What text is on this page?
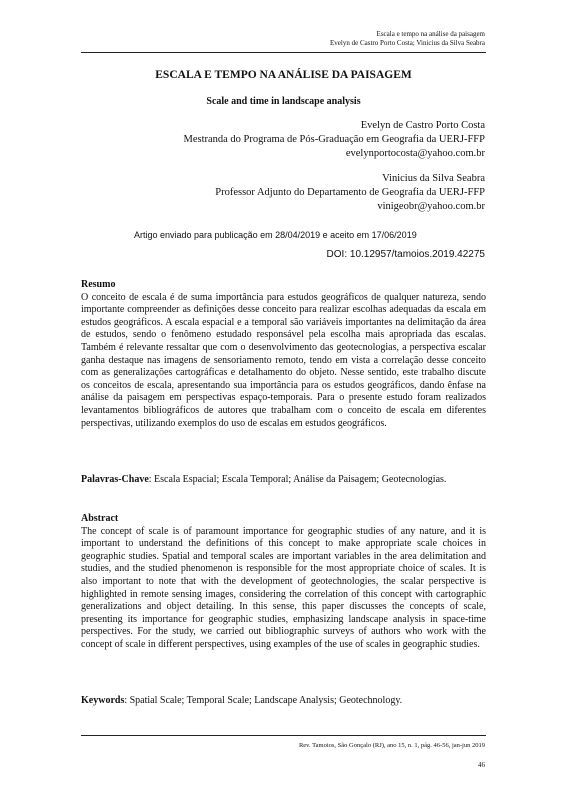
Escala e tempo na análise da paisagem
Evelyn de Castro Porto Costa; Vinicius da Silva Seabra
ESCALA E TEMPO NA ANÁLISE DA PAISAGEM
Scale and time in landscape analysis
Evelyn de Castro Porto Costa
Mestranda do Programa de Pós-Graduação em Geografia da UERJ-FFP
evelynportocosta@yahoo.com.br
Vinicius da Silva Seabra
Professor Adjunto do Departamento de Geografia da UERJ-FFP
vinigeobr@yahoo.com.br
Artigo enviado para publicação em 28/04/2019 e aceito em 17/06/2019
DOI: 10.12957/tamoios.2019.42275
Resumo
O conceito de escala é de suma importância para estudos geográficos de qualquer natureza, sendo importante compreender as definições desse conceito para realizar escolhas adequadas da escala em estudos geográficos. A escala espacial e a temporal são variáveis importantes na delimitação da área de estudos, sendo o fenômeno estudado responsável pela escolha mais apropriada das escalas. Também é relevante ressaltar que com o desenvolvimento das geotecnologias, a perspectiva escalar ganha destaque nas imagens de sensoriamento remoto, tendo em vista a correlação desse conceito com as generalizações cartográficas e detalhamento do objeto. Nesse sentido, este trabalho discute os conceitos de escala, apresentando sua importância para os estudos geográficos, dando ênfase na análise da paisagem em perspectivas espaço-temporais. Para o presente estudo foram realizados levantamentos bibliográficos de autores que trabalham com o conceito de escala em diferentes perspectivas, utilizando exemplos do uso de escalas em estudos geográficos.
Palavras-Chave: Escala Espacial; Escala Temporal; Análise da Paisagem; Geotecnologias.
Abstract
The concept of scale is of paramount importance for geographic studies of any nature, and it is important to understand the definitions of this concept to make appropriate scale choices in geographic studies. Spatial and temporal scales are important variables in the area delimitation and studies, and the studied phenomenon is responsible for the most appropriate choice of scales. It is also important to note that with the development of geotechnologies, the scalar perspective is highlighted in remote sensing images, considering the correlation of this concept with cartographic generalizations and object detailing. In this sense, this paper discusses the concepts of scale, presenting its importance for geographic studies, emphasizing landscape analysis in space-time perspectives. For the study, we carried out bibliographic surveys of authors who work with the concept of scale in different perspectives, using examples of the use of scales in geographic studies.
Keywords: Spatial Scale; Temporal Scale; Landscape Analysis; Geotechnology.
Rev. Tamoios, São Gonçalo (RJ), ano 15, n. 1, pág. 46-56, jan-jun 2019
46
